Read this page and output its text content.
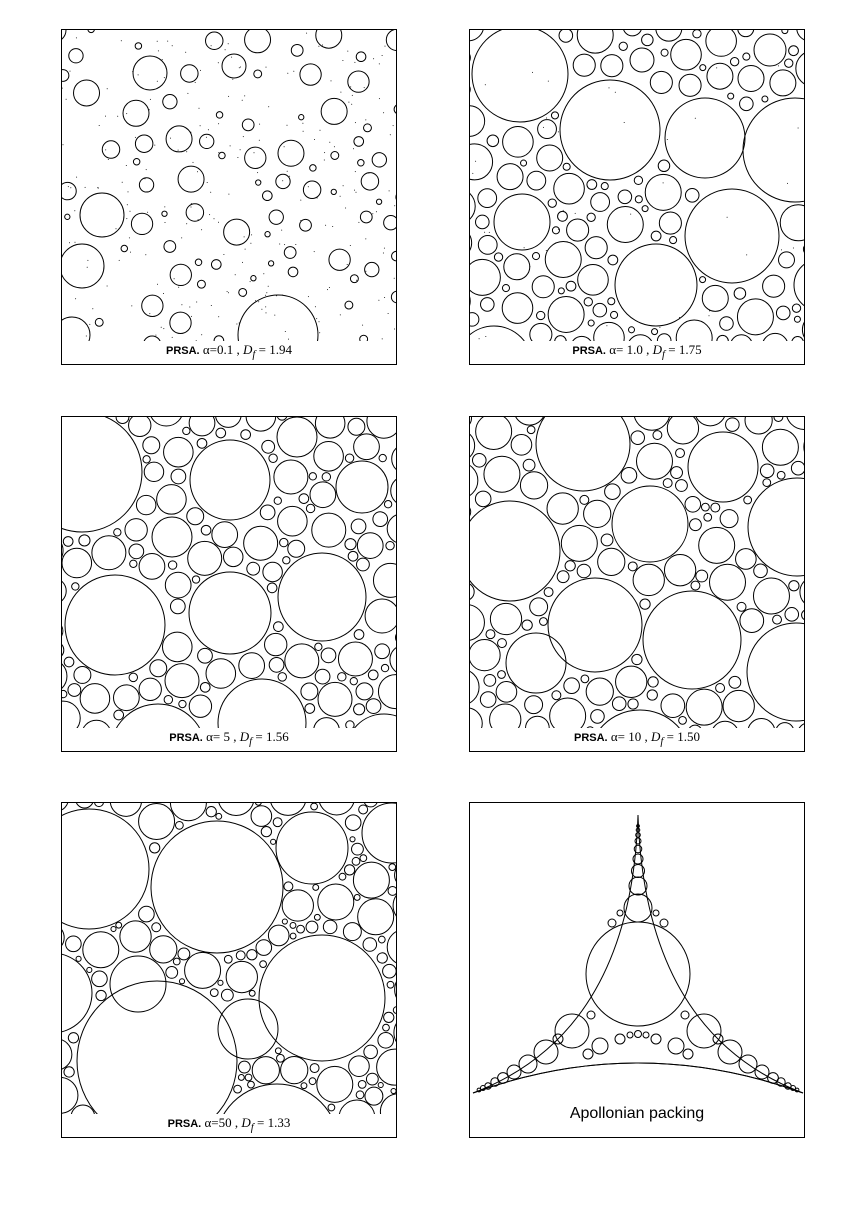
PRSA. α=0.1 , $D_f = 1.94$	PRSA. α= 1.0 , $D_f = 1.75$
PRSA. α= 5 , $D_f = 1.56$	PRSA. α= 10 , $D_f = 1.50$
PRSA. α=50 , $D_f = 1.33$
Apollonian packing
